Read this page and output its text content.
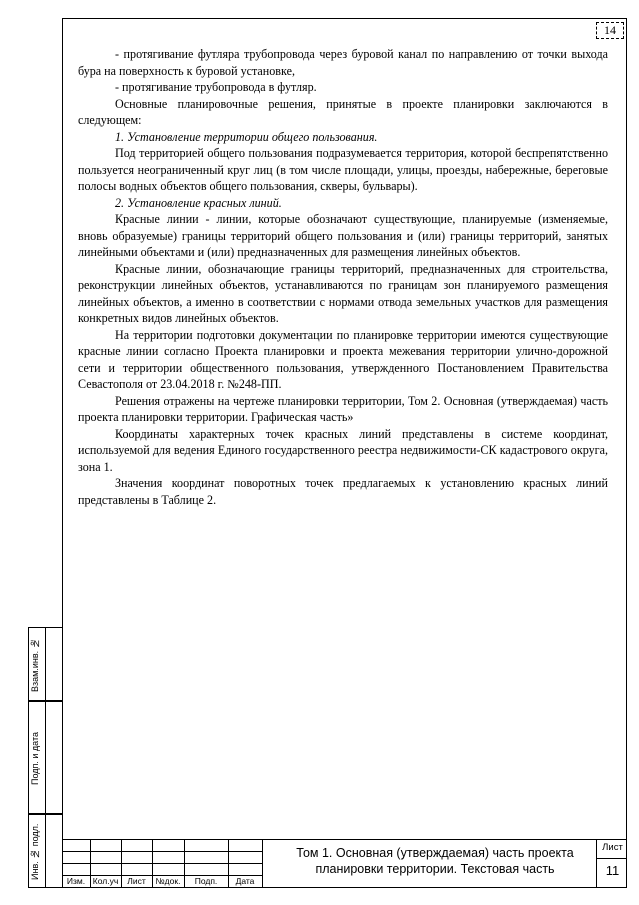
14

- протягивание футляра трубопровода через буровой канал по направлению от точки выхода бура на поверхность к буровой установке,

- протягивание трубопровода в футляр.

Основные планировочные решения, принятые в проекте планировки заключаются в следующем:

1. Установление территории общего пользования.

Под территорией общего пользования подразумевается территория, которой беспрепятственно пользуется неограниченный круг лиц (в том числе площади, улицы, проезды, набережные, береговые полосы водных объектов общего пользования, скверы, бульвары).

2. Установление красных линий.

Красные линии - линии, которые обозначают существующие, планируемые (изменяемые, вновь образуемые) границы территорий общего пользования и (или) границы территорий, занятых линейными объектами и (или) предназначенных для размещения линейных объектов.

Красные линии, обозначающие границы территорий, предназначенных для строительства, реконструкции линейных объектов, устанавливаются по границам зон планируемого размещения линейных объектов, а именно в соответствии с нормами отвода земельных участков для размещения конкретных видов линейных объектов.

На территории подготовки документации по планировке территории имеются существующие красные линии согласно Проекта планировки и проекта межевания территории улично-дорожной сети и территории общественного пользования, утвержденного Постановлением Правительства Севастополя от 23.04.2018 г. №248-ПП.

Решения отражены на чертеже планировки территории, Том 2. Основная (утверждаемая) часть проекта планировки территории. Графическая часть»

Координаты характерных точек красных линий представлены в системе координат, используемой для ведения Единого государственного реестра недвижимости-СК кадастрового округа, зона 1.

Значения координат поворотных точек предлагаемых к установлению красных линий представлены в Таблице 2.

Взам.инв. №
Подп. и дата
Инв. № подл.
Изм. Кол.уч	Лист	№док.	Подп.	Дата
Том 1. Основная (утверждаемая) часть проекта планировки территории. Текстовая часть
Лист
11
